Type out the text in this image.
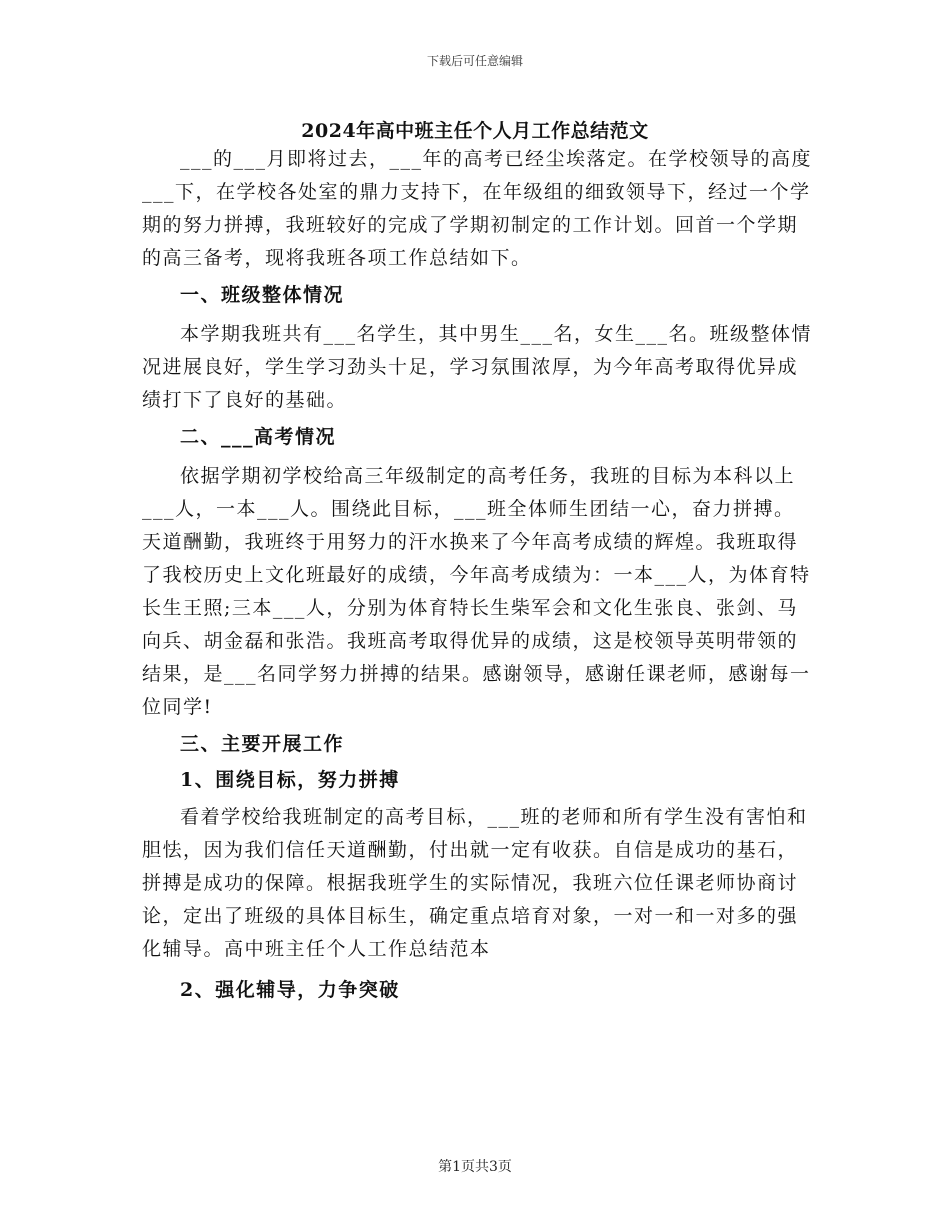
下载后可任意编辑
2024年高中班主任个人月工作总结范文

___的___月即将过去，___年的高考已经尘埃落定。在学校领导的高度___下，在学校各处室的鼎力支持下，在年级组的细致领导下，经过一个学期的努力拼搏，我班较好的完成了学期初制定的工作计划。回首一个学期的高三备考，现将我班各项工作总结如下。

一、班级整体情况

本学期我班共有___名学生，其中男生___名，女生___名。班级整体情况进展良好，学生学习劲头十足，学习氛围浓厚，为今年高考取得优异成绩打下了良好的基础。

二、___高考情况

依据学期初学校给高三年级制定的高考任务，我班的目标为本科以上___人，一本___人。围绕此目标，___班全体师生团结一心，奋力拼搏。天道酬勤，我班终于用努力的汗水换来了今年高考成绩的辉煌。我班取得了我校历史上文化班最好的成绩，今年高考成绩为：一本___人，为体育特长生王照;三本___人，分别为体育特长生柴军会和文化生张良、张剑、马向兵、胡金磊和张浩。我班高考取得优异的成绩，这是校领导英明带领的结果，是___名同学努力拼搏的结果。感谢领导，感谢任课老师，感谢每一位同学!

三、主要开展工作

1、围绕目标，努力拼搏

看着学校给我班制定的高考目标，___班的老师和所有学生没有害怕和胆怯，因为我们信任天道酬勤，付出就一定有收获。自信是成功的基石，拼搏是成功的保障。根据我班学生的实际情况，我班六位任课老师协商讨论，定出了班级的具体目标生，确定重点培育对象，一对一和一对多的强化辅导。高中班主任个人工作总结范本

2、强化辅导，力争突破

第1页共3页
